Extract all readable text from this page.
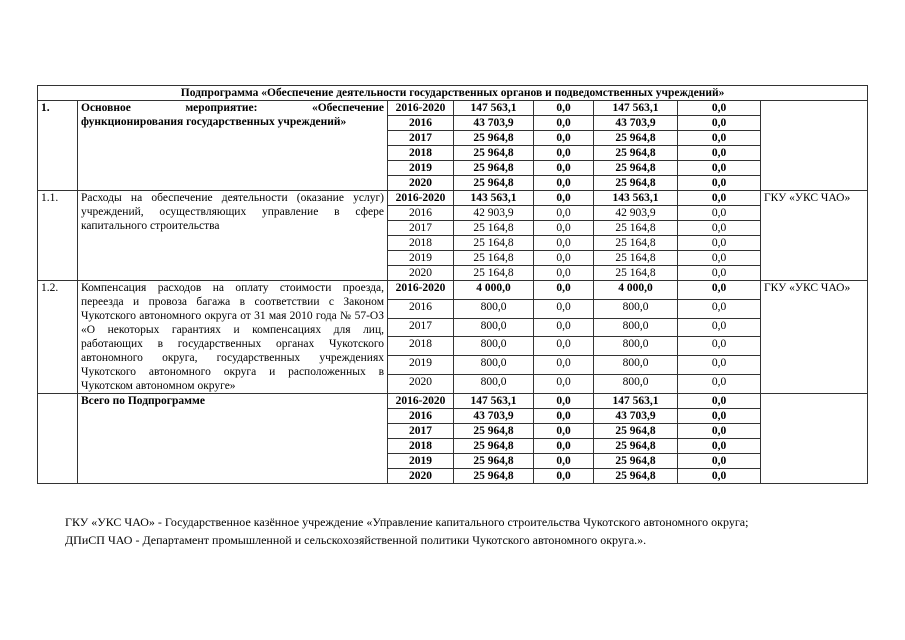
Подпрограмма «Обеспечение деятельности государственных органов и подведомственных учреждений»							
1.	Основное мероприятие: «Обеспечение функционирования государственных учреждений»	2016-2020	147 563,1	0,0	147 563,1	0,0	
		2016	43 703,9	0,0	43 703,9	0,0	
		2017	25 964,8	0,0	25 964,8	0,0	
		2018	25 964,8	0,0	25 964,8	0,0	
		2019	25 964,8	0,0	25 964,8	0,0	
		2020	25 964,8	0,0	25 964,8	0,0	
1.1.	Расходы на обеспечение деятельности (оказание услуг) учреждений, осуществляющих управление в сфере капитального строительства	2016-2020	143 563,1	0,0	143 563,1	0,0	ГКУ «УКС ЧАО»
		2016	42 903,9	0,0	42 903,9	0,0	
		2017	25 164,8	0,0	25 164,8	0,0	
		2018	25 164,8	0,0	25 164,8	0,0	
		2019	25 164,8	0,0	25 164,8	0,0	
		2020	25 164,8	0,0	25 164,8	0,0	
1.2.	Компенсация расходов на оплату стоимости проезда, переезда и провоза багажа в соответствии с Законом Чукотского автономного округа от 31 мая 2010 года № 57-ОЗ «О некоторых гарантиях и компенсациях для лиц, работающих в государственных органах Чукотского автономного округа, государственных учреждениях Чукотского автономного округа и расположенных в Чукотском автономном округе»	2016-2020	4 000,0	0,0	4 000,0	0,0	ГКУ «УКС ЧАО»
		2016	800,0	0,0	800,0	0,0	
		2017	800,0	0,0	800,0	0,0	
		2018	800,0	0,0	800,0	0,0	
		2019	800,0	0,0	800,0	0,0	
		2020	800,0	0,0	800,0	0,0	
	Всего по Подпрограмме	2016-2020	147 563,1	0,0	147 563,1	0,0	
		2016	43 703,9	0,0	43 703,9	0,0	
		2017	25 964,8	0,0	25 964,8	0,0	
		2018	25 964,8	0,0	25 964,8	0,0	
		2019	25 964,8	0,0	25 964,8	0,0	
		2020	25 964,8	0,0	25 964,8	0,0	

ГКУ «УКС ЧАО» - Государственное казённое учреждение «Управление капитального строительства Чукотского автономного округа;

ДПиСП ЧАО - Департамент промышленной и сельскохозяйственной политики Чукотского автономного округа.».
